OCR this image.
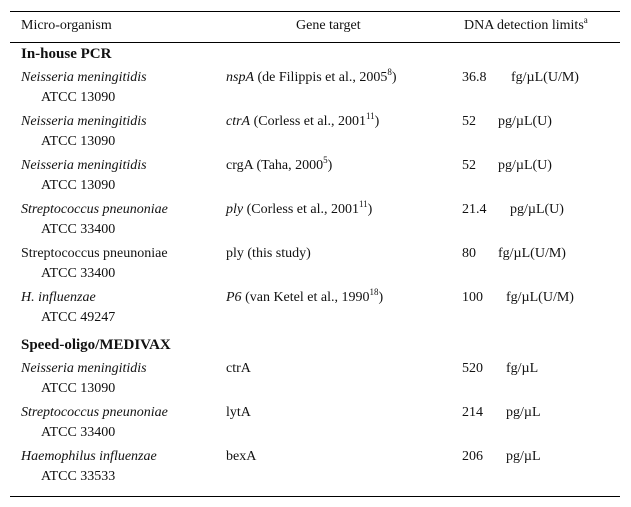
Micro-organism	Gene target	DNA detection limits$^a$
In-house PCR
Neisseria meningitidis
ATCC 13090
nspA (de Filippis et al., 2005$^8$)	36.8 fg/µL(U/M)
Neisseria meningitidis
ATCC 13090
ctrA (Corless et al., 2001$^{11}$)	52 pg/µL(U)
Neisseria meningitidis
ATCC 13090
crgA (Taha, 2000$^5$)	52 pg/µL(U)
Streptococcus pneunoniae
ATCC 33400
ply (Corless et al., 2001$^{11}$)	21.4 pg/µL(U)
Streptococcus pneunoniae
ATCC 33400
ply (this study)	80 fg/µL(U/M)
H. influenzae
ATCC 49247
P6 (van Ketel et al., 1990$^{18}$)	100 fg/µL(U/M)
Speed-oligo/MEDIVAX
Neisseria meningitidis
ATCC 13090
ctrA	520 fg/µL
Streptococcus pneunoniae
ATCC 33400
lytA	214 pg/µL
Haemophilus influenzae
ATCC 33533
bexA	206 pg/µL
